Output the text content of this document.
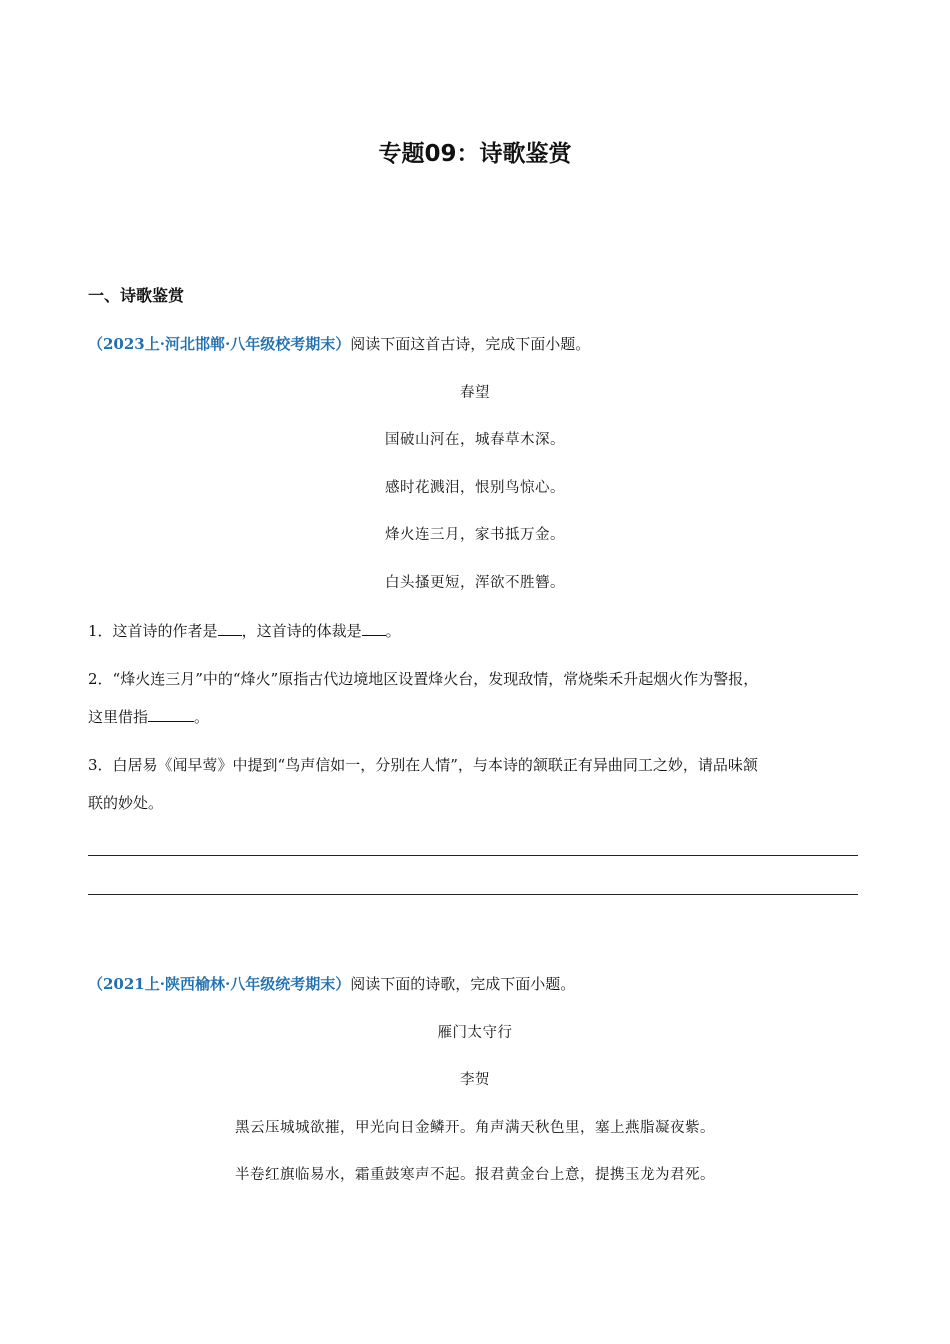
专题09：诗歌鉴赏
一、诗歌鉴赏
（2023上·河北邯郸·八年级校考期末）阅读下面这首古诗，完成下面小题。
春望
国破山河在，城春草木深。
感时花溅泪，恨别鸟惊心。
烽火连三月，家书抵万金。
白头搔更短，浑欲不胜簪。
1．这首诗的作者是 ，这首诗的体裁是 。
2．“烽火连三月”中的“烽火”原指古代边境地区设置烽火台，发现敌情，常烧柴禾升起烟火作为警报，
这里借指	。
3．白居易《闻早莺》中提到“鸟声信如一，分别在人情”，与本诗的颔联正有异曲同工之妙，请品味颔
联的妙处。
（2021上·陕西榆林·八年级统考期末）阅读下面的诗歌，完成下面小题。
雁门太守行
李贺
黑云压城城欲摧，甲光向日金鳞开。角声满天秋色里，塞上燕脂凝夜紫。
半卷红旗临易水，霜重鼓寒声不起。报君黄金台上意，提携玉龙为君死。
